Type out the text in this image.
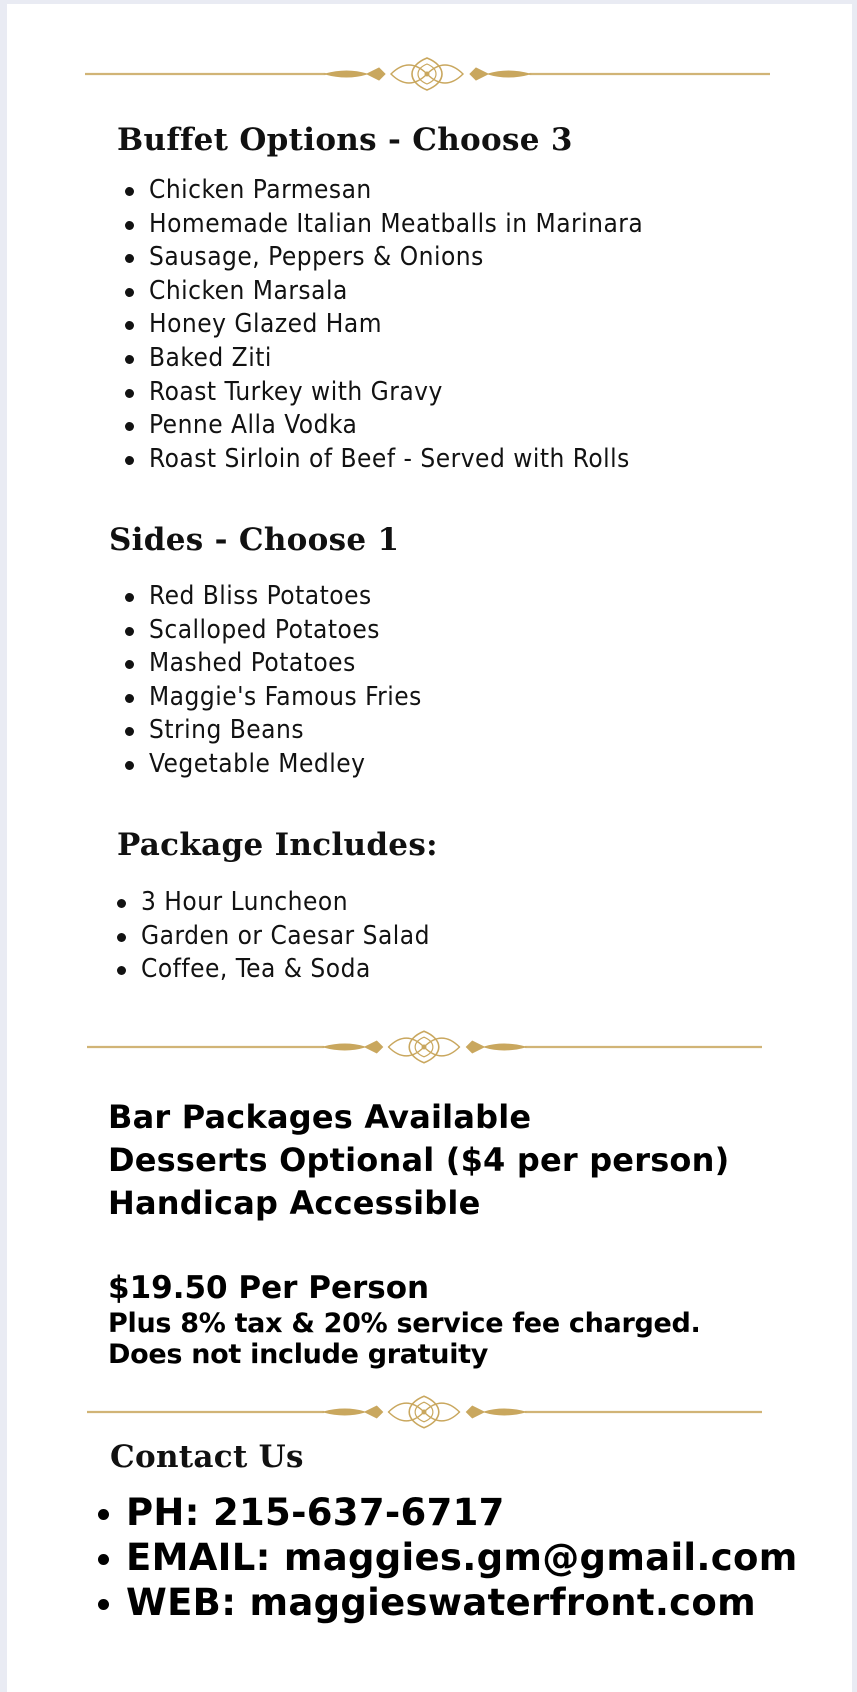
Buffet Options - Choose 3
Chicken Parmesan
Homemade Italian Meatballs in Marinara
Sausage, Peppers & Onions
Chicken Marsala
Honey Glazed Ham
Baked Ziti
Roast Turkey with Gravy
Penne Alla Vodka
Roast Sirloin of Beef - Served with Rolls
Sides - Choose 1
Red Bliss Potatoes
Scalloped Potatoes
Mashed Potatoes
Maggie's Famous Fries
String Beans
Vegetable Medley
Package Includes:
3 Hour Luncheon
Garden or Caesar Salad
Coffee, Tea & Soda
Bar Packages Available
Desserts Optional ($4 per person)
Handicap Accessible
$19.50 Per Person
Plus 8% tax & 20% service fee charged.
Does not include gratuity
Contact Us
PH: 215-637-6717
EMAIL: maggies.gm@gmail.com
WEB: maggieswaterfront.com
